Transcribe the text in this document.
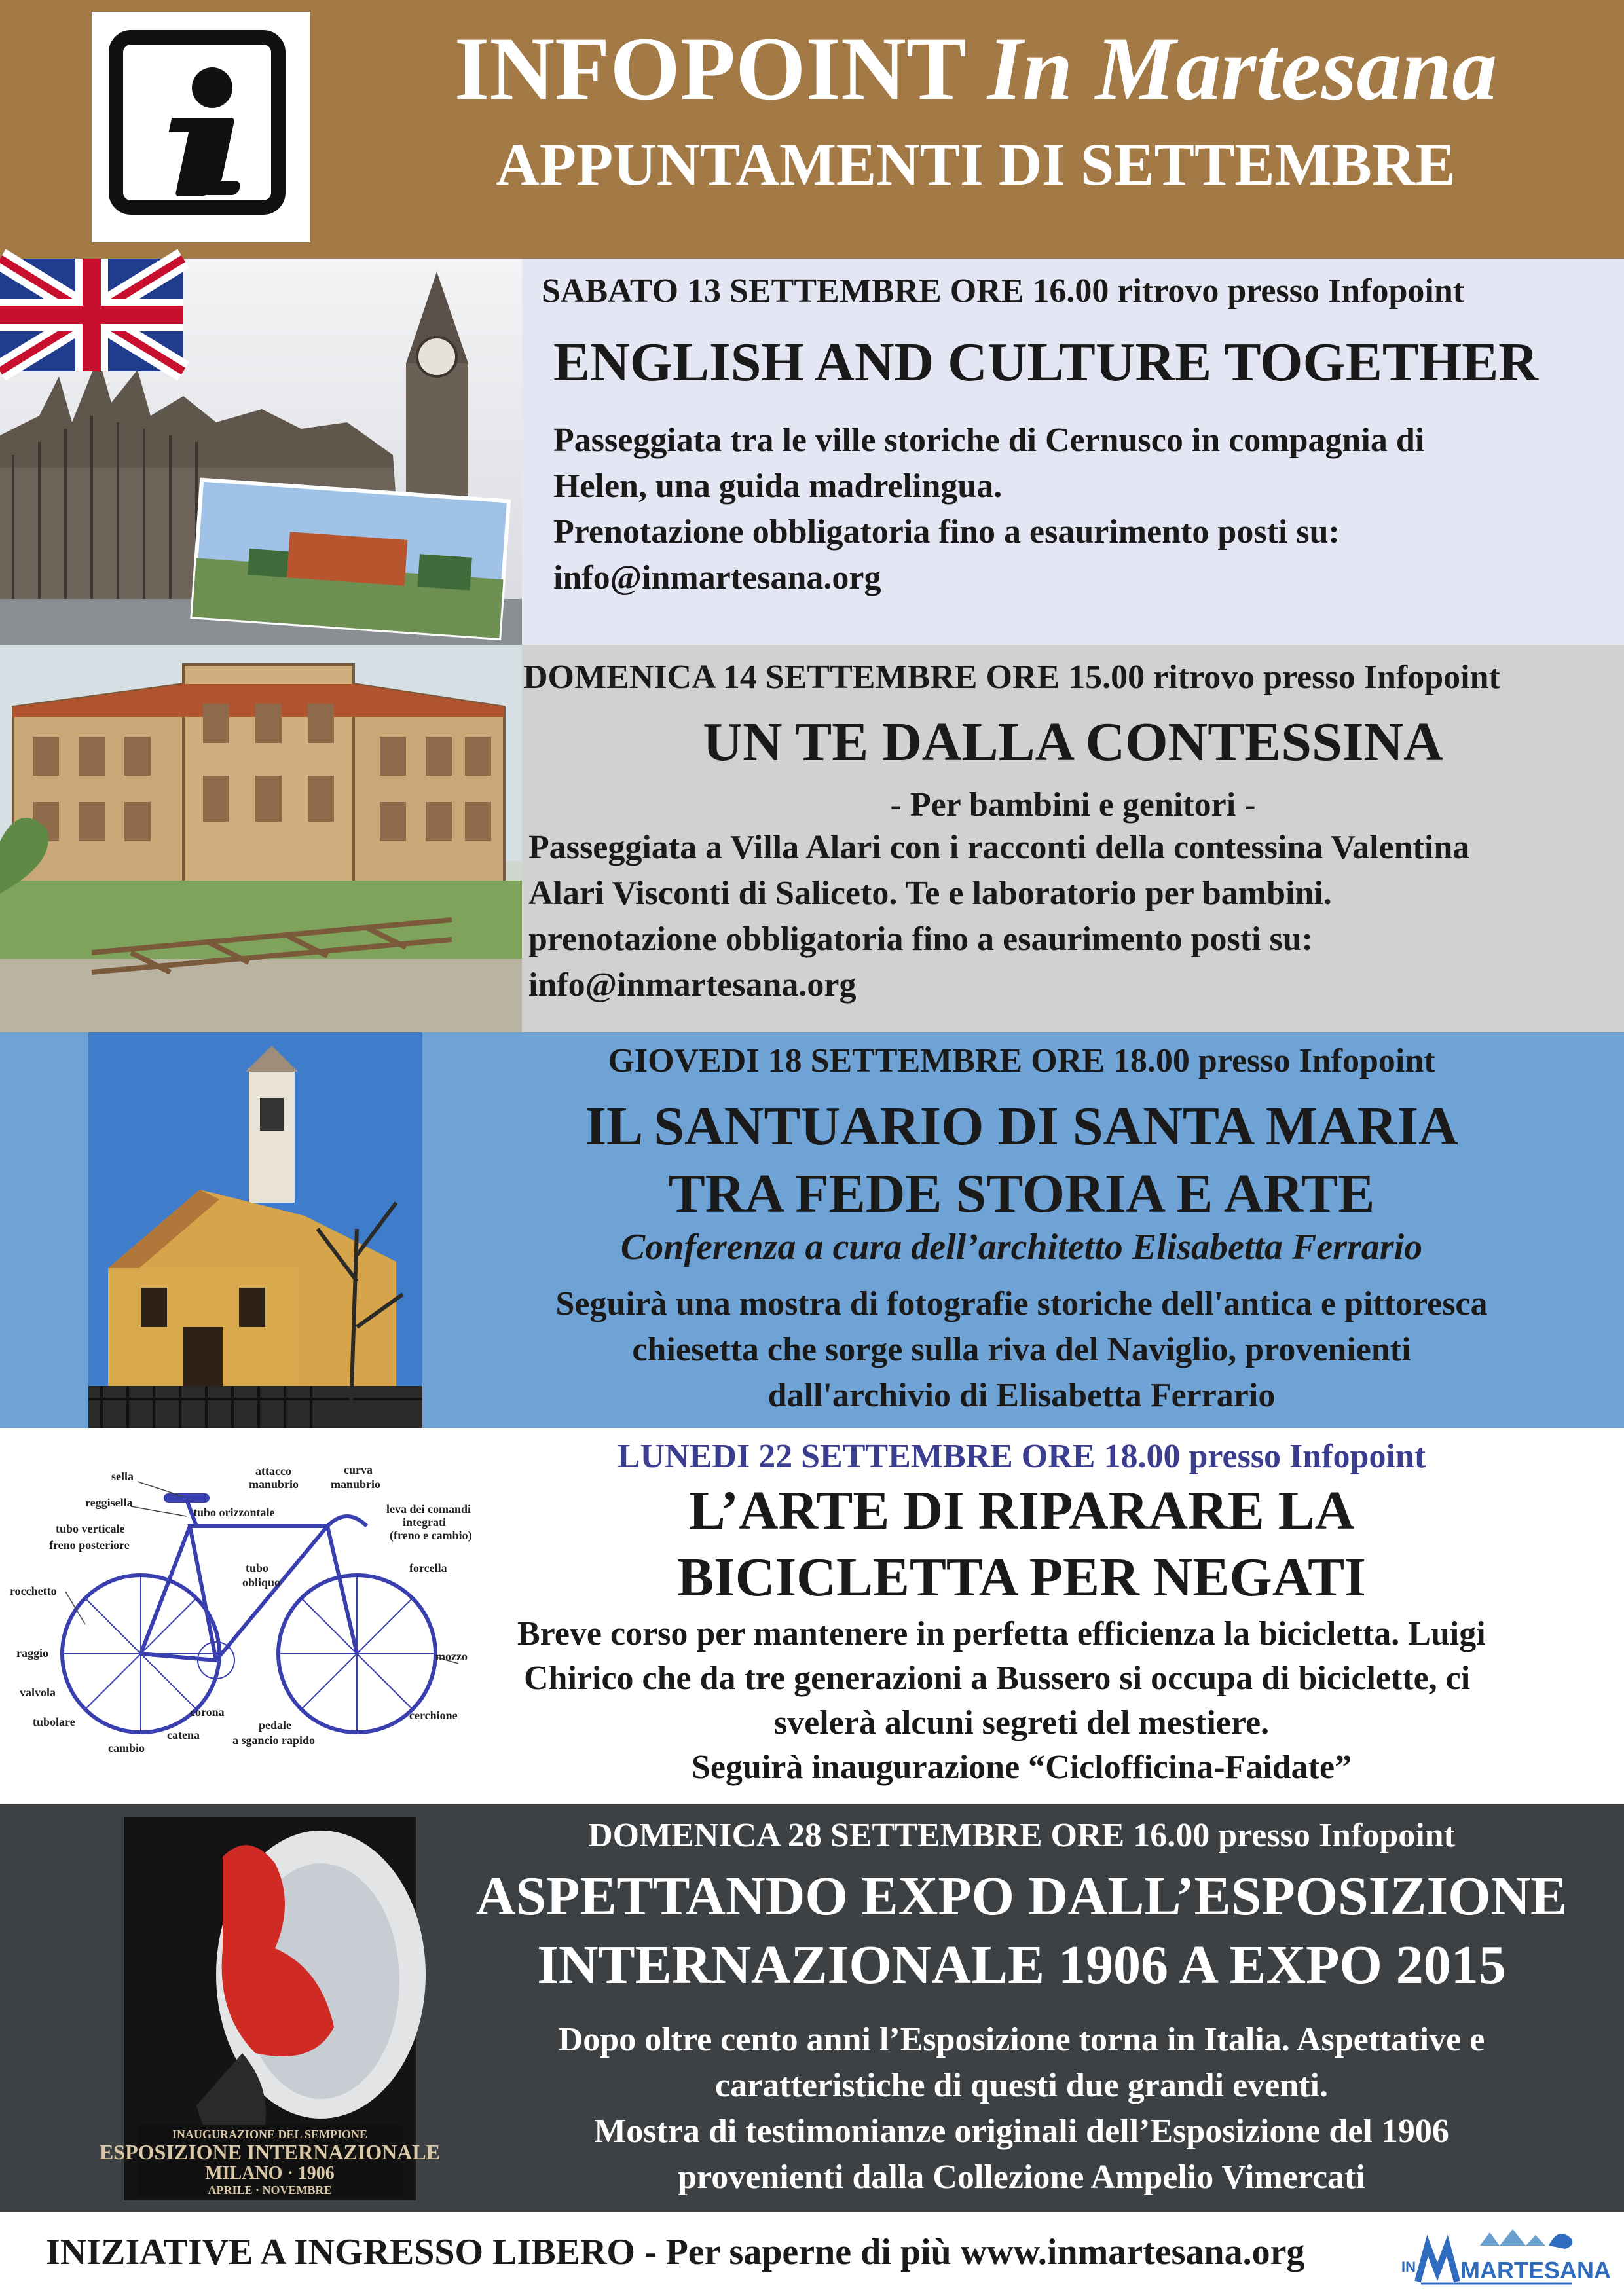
INFOPOINT In Martesana
APPUNTAMENTI DI SETTEMBRE
SABATO 13 SETTEMBRE ORE 16.00 ritrovo presso Infopoint
ENGLISH AND CULTURE TOGETHER
Passeggiata tra le ville storiche di Cernusco in compagnia di
Helen, una guida madrelingua.
Prenotazione obbligatoria fino a esaurimento posti su:
info@inmartesana.org
DOMENICA 14 SETTEMBRE ORE 15.00 ritrovo presso Infopoint
UN TE DALLA CONTESSINA
- Per bambini e genitori -
Passeggiata a Villa Alari con i racconti della contessina Valentina
Alari Visconti di Saliceto. Te e laboratorio per bambini.
prenotazione obbligatoria fino a esaurimento posti su:
info@inmartesana.org
GIOVEDI 18 SETTEMBRE ORE 18.00 presso Infopoint
IL SANTUARIO DI SANTA MARIA
TRA FEDE STORIA E ARTE
Conferenza a cura dell’architetto Elisabetta Ferrario
Seguirà una mostra di fotografie storiche dell'antica e pittoresca
chiesetta che sorge sulla riva del Naviglio, provenienti
dall'archivio di Elisabetta Ferrario
sella
reggisella
tubo verticale
freno posteriore
rocchetto
raggio
valvola
tubolare
cambio
catena
corona
pedale
a sgancio rapido
attacco
manubrio
tubo orizzontale
tubo
obliquo
curva
manubrio
leva dei comandi
integrati
(freno e cambio)
forcella
mozzo
cerchione
LUNEDI 22 SETTEMBRE ORE 18.00 presso Infopoint
L’ARTE DI RIPARARE LA
BICICLETTA PER NEGATI
Breve corso per mantenere in perfetta efficienza la bicicletta. Luigi
Chirico che da tre generazioni a Bussero si occupa di biciclette, ci
svelerà alcuni segreti del mestiere.
Seguirà inaugurazione “Ciclofficina-Faidate”
INAUGURAZIONE DEL SEMPIONE
ESPOSIZIONE INTERNAZIONALE
MILANO · 1906
APRILE · NOVEMBRE
DOMENICA 28 SETTEMBRE ORE 16.00 presso Infopoint
ASPETTANDO EXPO DALL’ESPOSIZIONE
INTERNAZIONALE 1906 A EXPO 2015
Dopo oltre cento anni l’Esposizione torna in Italia. Aspettative e
caratteristiche di questi due grandi eventi.
Mostra di testimonianze originali dell’Esposizione del 1906
provenienti dalla Collezione Ampelio Vimercati
INIZIATIVE A INGRESSO LIBERO - Per saperne di più www.inmartesana.org	IN MARTESANA
